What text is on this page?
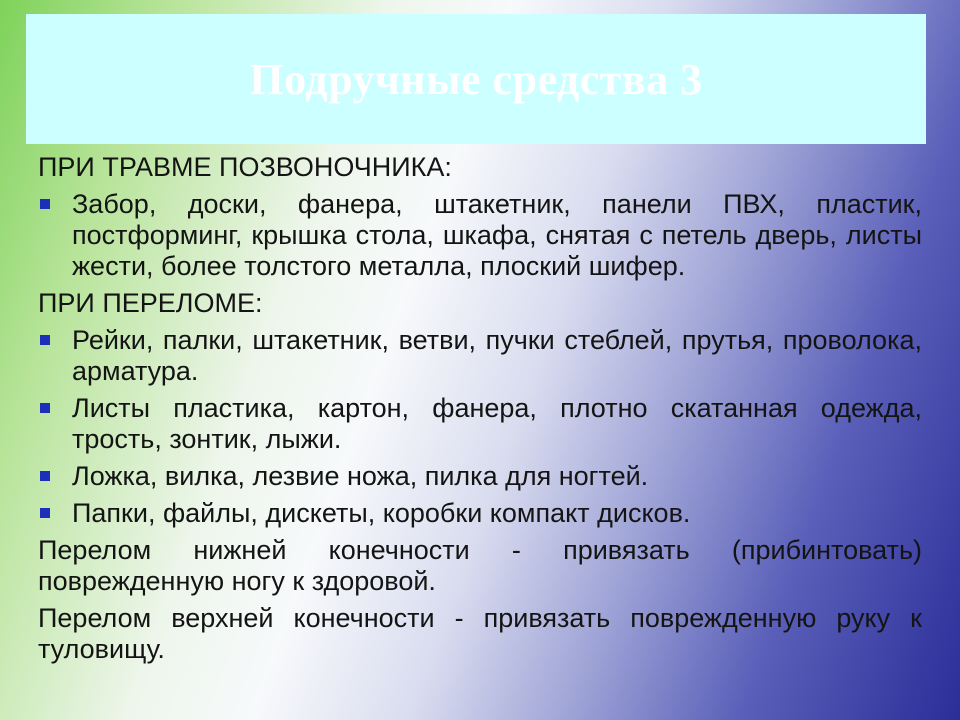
Подручные средства 3
ПРИ ТРАВМЕ ПОЗВОНОЧНИКА:
Забор, доски, фанера, штакетник, панели ПВХ, пластик, постформинг, крышка стола, шкафа, снятая с петель дверь, листы жести, более толстого металла, плоский шифер.
ПРИ ПЕРЕЛОМЕ:
Рейки, палки, штакетник, ветви, пучки стеблей, прутья, проволока, арматура.
Листы пластика, картон, фанера, плотно скатанная одежда, трость, зонтик, лыжи.
Ложка, вилка, лезвие ножа, пилка для ногтей.
Папки, файлы, дискеты, коробки компакт дисков.
Перелом нижней конечности - привязать (прибинтовать) поврежденную ногу к здоровой.
Перелом верхней конечности - привязать поврежденную руку к туловищу.
